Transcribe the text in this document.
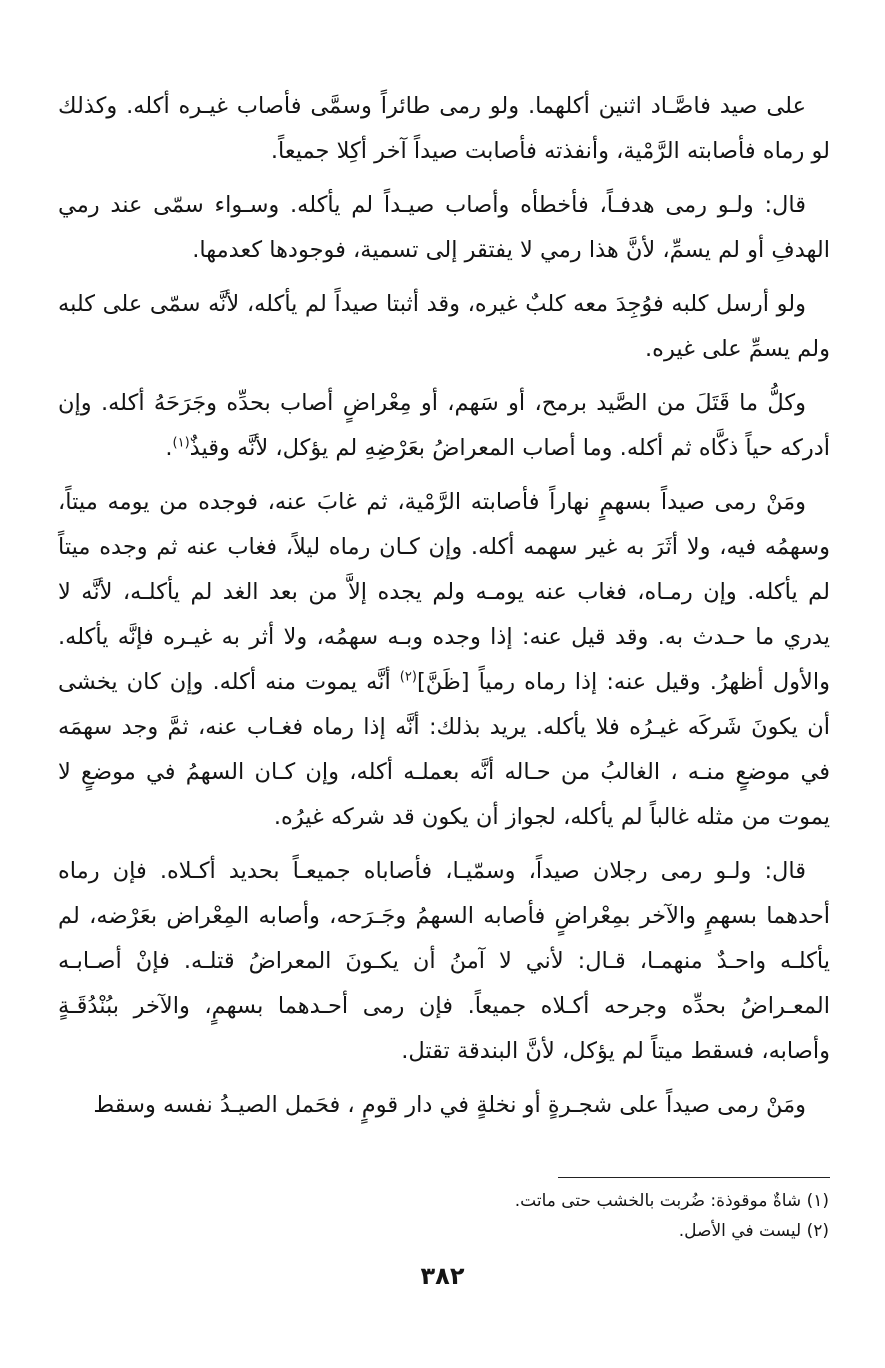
على صيد فاصَّـاد اثنين أكلهما. ولو رمى طائراً وسمَّى فأصاب غيـره أكله. وكذلك لو رماه فأصابته الرَّمْية، وأنفذته فأصابت صيداً آخر أكِلا جميعاً.

قال: ولـو رمى هدفـاً، فأخطأه وأصاب صيـداً لم يأكله. وسـواء سمّى عند رمي الهدفِ أو لم يسمِّ، لأنَّ هذا رمي لا يفتقر إلى تسمية، فوجودها كعدمها.

ولو أرسل كلبه فوُجِدَ معه كلبٌ غيره، وقد أثبتا صيداً لم يأكله، لأنَّه سمّى على كلبه ولم يسمِّ على غيره.

وكلُّ ما قَتَلَ من الصَّيد برمح، أو سَهم، أو مِعْراضٍ أصاب بحدِّه وجَرَحَهُ أكله. وإن أدركه حياً ذكَّاه ثم أكله. وما أصاب المعراضُ بعَرْضِهِ لم يؤكل، لأنَّه وقيذٌ$^{(١)}$.

ومَنْ رمى صيداً بسهمٍ نهاراً فأصابته الرَّمْية، ثم غابَ عنه، فوجده من يومه ميتاً، وسهمُه فيه، ولا أثَرَ به غير سهمه أكله. وإن كـان رماه ليلاً، فغاب عنه ثم وجده ميتاً لم يأكله. وإن رمـاه، فغاب عنه يومـه ولم يجده إلاَّ من بعد الغد لم يأكلـه، لأنَّه لا يدري ما حـدث به. وقد قيل عنه: إذا وجده وبـه سهمُه، ولا أثر به غيـره فإنَّه يأكله. والأول أظهرُ. وقيل عنه: إذا رماه رمياً [ظَنَّ]$^{(٢)}$ أنَّه يموت منه أكله. وإن كان يخشى أن يكونَ شَركَه غيـرُه فلا يأكله. يريد بذلك: أنَّه إذا رماه فغـاب عنه، ثمَّ وجد سهمَه في موضعٍ منـه ، الغالبُ من حـاله أنَّه بعملـه أكله، وإن كـان السهمُ في موضعٍ لا يموت من مثله غالباً لم يأكله، لجواز أن يكون قد شركه غيرُه.

قال: ولـو رمى رجلان صيداً، وسمّيـا، فأصاباه جميعـاً بحديد أكـلاه. فإن رماه أحدهما بسهمٍ والآخر بمِعْراضٍ فأصابه السهمُ وجَـرَحه، وأصابه المِعْراض بعَرْضه، لم يأكلـه واحـدٌ منهمـا، قـال: لأني لا آمنُ أن يكـونَ المعراضُ قتلـه. فإنْ أصـابـه المعـراضُ بحدِّه وجرحه أكـلاه جميعاً. فإن رمى أحـدهما بسهمٍ، والآخر ببُنْدُقَـةٍ وأصابه، فسقط ميتاً لم يؤكل، لأنَّ البندقة تقتل.

ومَنْ رمى صيداً على شجـرةٍ أو نخلةٍ في دار قومٍ ، فحَمل الصيـدُ نفسه وسقط

(١) شاةٌ موقوذة: ضُربت بالخشب حتى ماتت.

(٢) ليست في الأصل.

٣٨٢
